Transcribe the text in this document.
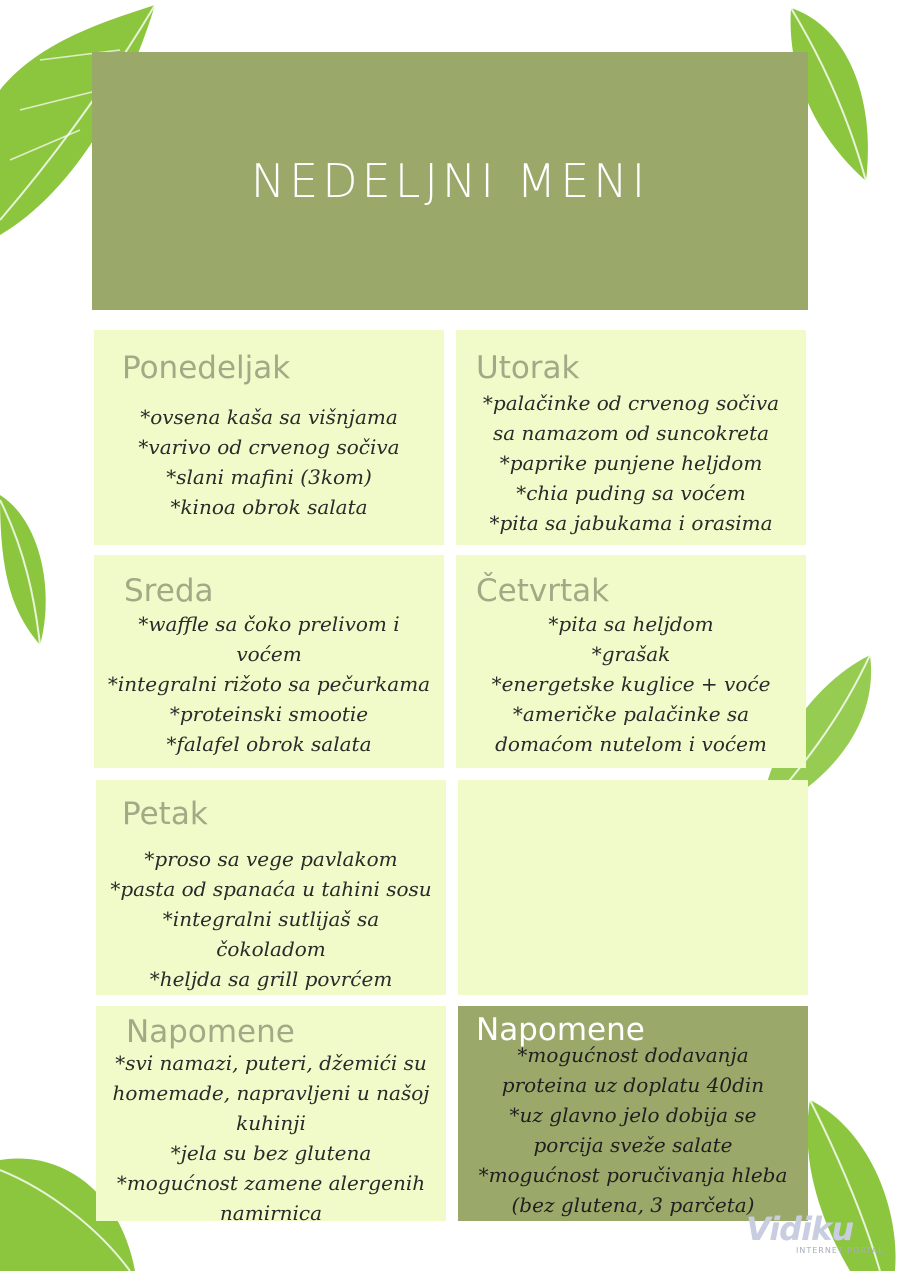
NEDELJNI MENI
Ponedeljak
*ovsena kaša sa višnjama
*varivo od crvenog sočiva
*slani mafini (3kom)
*kinoa obrok salata
Utorak
*palačinke od crvenog sočiva
sa namazom od suncokreta
*paprike punjene heljdom
*chia puding sa voćem
*pita sa jabukama i orasima
Sreda
*waffle sa čoko prelivom i
voćem
*integralni rižoto sa pečurkama
*proteinski smootie
*falafel obrok salata
Četvrtak
*pita sa heljdom
*grašak
*energetske kuglice + voće
*američke palačinke sa
domaćom nutelom i voćem
Petak
*proso sa vege pavlakom
*pasta od spanaća u tahini sosu
*integralni sutlijaš sa
čokoladom
*heljda sa grill povrćem
Napomene
*svi namazi, puteri, džemići su
homemade, napravljeni u našoj
kuhinji
*jela su bez glutena
*mogućnost zamene alergenih
namirnica
Napomene
*mogućnost dodavanja
proteina uz doplatu 40din
*uz glavno jelo dobija se
porcija sveže salate
*mogućnost poručivanja hleba
(bez glutena, 3 parčeta)
Vidiku
INTERNET PORTAL
